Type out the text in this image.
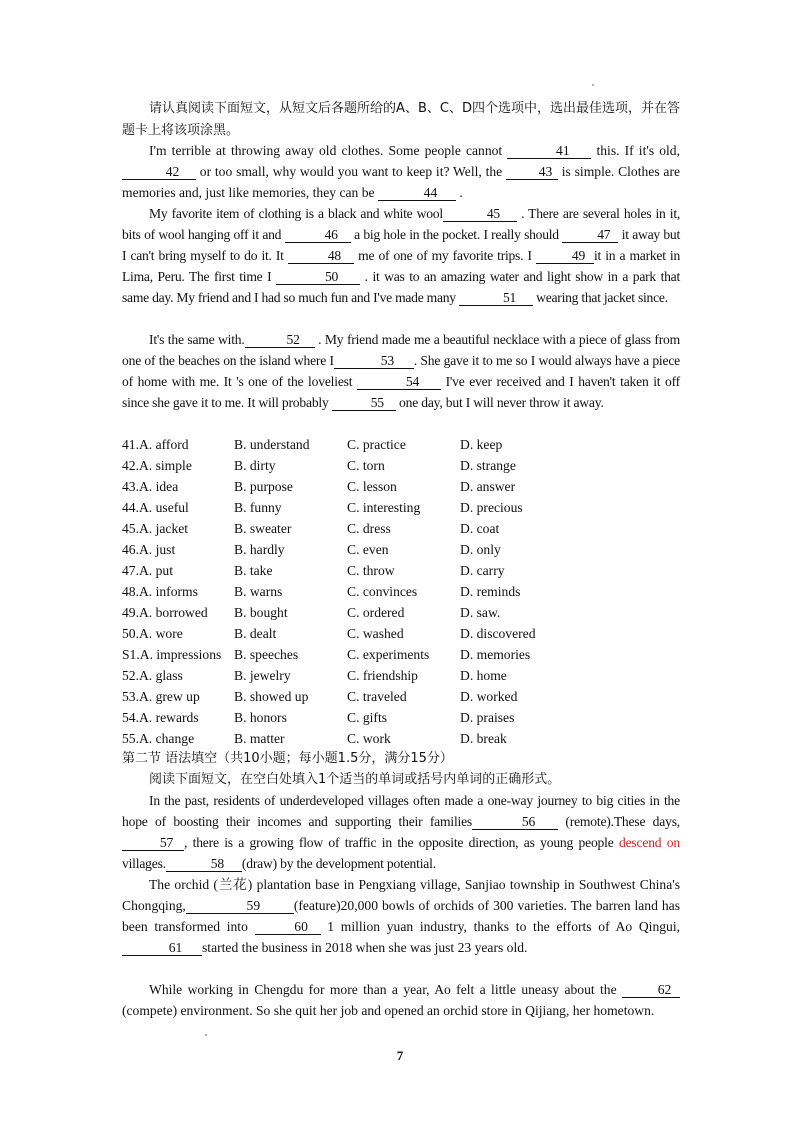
请认真阅读下面短文，从短文后各题所给的A、B、C、D四个选项中，选出最佳选项，并在答题卡上将该项涂黑。

I'm terrible at throwing away old clothes. Some people cannot	41 this. If it's old, 42 or too small, why would you want to keep it? Well, the 43 is simple. Clothes are memories and, just like memories, they can be	44 .

My favorite item of clothing is a black and white wool	45 . There are several holes in it, bits of wool hanging off it and	46 a big hole in the pocket. I really should	47 it away but I can't bring myself to do it. It	48 me of one of my favorite trips. I	49 it in a market in Lima, Peru. The first time I	50 . it was to an amazing water and light show in a park that same day. My friend and I had so much fun and I've made many	51 wearing that jacket since.

It's the same with.	52 . My friend made me a beautiful necklace with a piece of glass from one of the beaches on the island where I	53 . She gave it to me so I would always have a piece of home with me. It 's one of the loveliest	54 I've ever received and I haven't taken it off since she gave it to me. It will probably	55 one day, but I will never throw it away.

41.A. afford	B. understand	C. practice	D. keep
42.A. simple	B. dirty	C. torn	D. strange
43.A. idea	B. purpose	C. lesson	D. answer
44.A. useful	B. funny	C. interesting	D. precious
45.A. jacket	B. sweater	C. dress	D. coat
46.A. just	B. hardly	C. even	D. only
47.A. put	B. take	C. throw	D. carry
48.A. informs	B. warns	C. convinces	D. reminds
49.A. borrowed B. bought	C. ordered	D. saw.
50.A. wore	B. dealt	C. washed	D. discovered
S1.A. impressions B. speeches	C. experiments D. memories
52.A. glass	B. jewelry	C. friendship	D. home
53.A. grew up	B. showed up	C. traveled	D. worked
54.A. rewards	B. honors	C. gifts	D. praises
55.A. change	B. matter	C. work	D. break
第二节 语法填空（共10小题；每小题1.5分，满分15分）

阅读下面短文，在空白处填入1个适当的单词或括号内单词的正确形式。

In the past, residents of underdeveloped villages often made a one-way journey to big cities in the hope of boosting their incomes and supporting their families	56 (remote).These days, 57 , there is a growing flow of traffic in the opposite direction, as young people descend on villages.	58 (draw) by the development potential.

The orchid (兰花) plantation base in Pengxiang village, Sanjiao township in Southwest China's Chongqing,	59 (feature)20,000 bowls of orchids of 300 varieties. The barren land has been transformed into	60 1 million yuan industry, thanks to the efforts of Ao Qingui, 61 started the business in 2018 when she was just 23 years old.

While working in Chengdu for more than a year, Ao felt a little uneasy about the	62 (compete) environment. So she quit her job and opened an orchid store in Qijiang, her hometown.

7
